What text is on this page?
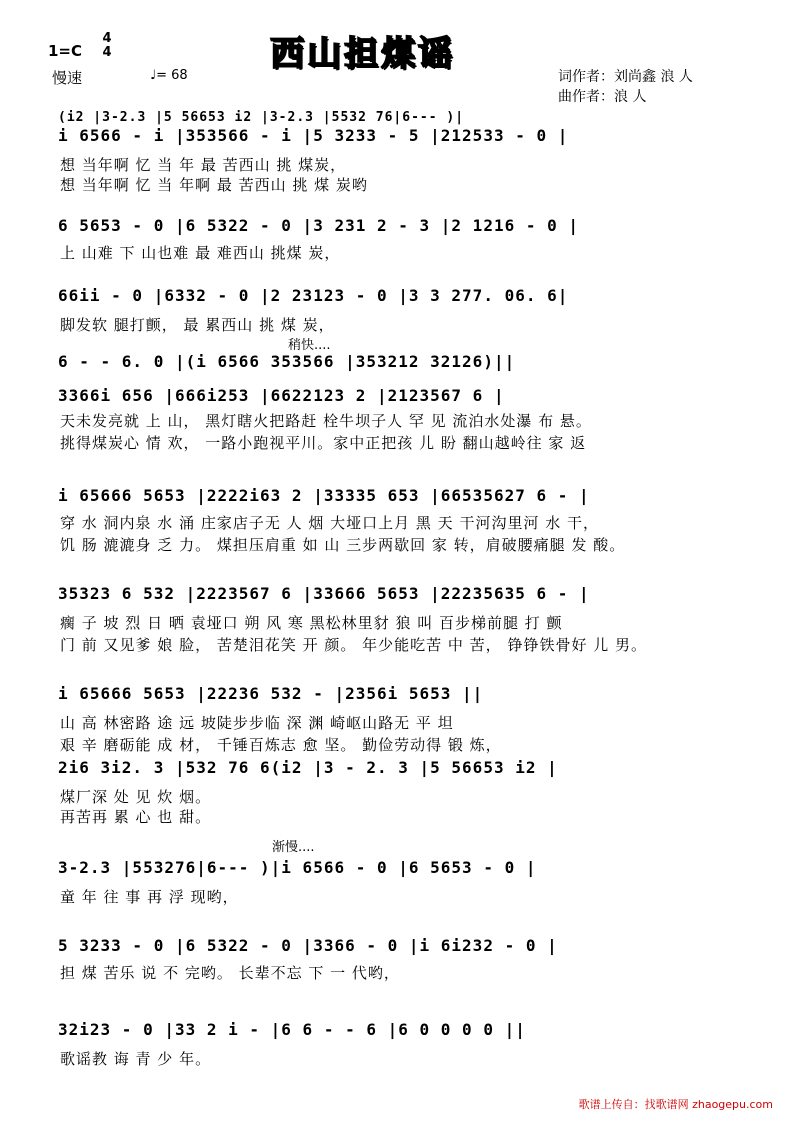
西山担煤谣
1=C
4
4
慢速	♩= 68	词作者：刘尚鑫 浪 人
曲作者：浪 人
(i2 |3-2.3 |5 56653 i2 |3-2.3 |5532 76|6--- )|
i 6566 - i |353566 - i |5 3233 - 5 |212533 - 0 |
想 当年啊 忆 当 年 最 苦西山 挑 煤炭，
想 当年啊 忆 当 年啊 最 苦西山 挑 煤 炭哟
6 5653 - 0 |6 5322 - 0 |3 231 2 - 3 |2 1216 - 0 |
上 山难 下 山也难 最 难西山 挑煤 炭，
66ii - 0 |6332 - 0 |2 23123 - 0 |3 3 277. 06. 6|
脚发软 腿打颤， 最 累西山 挑 煤 炭，
稍快....
6 - - 6. 0 |(i 6566 353566 |353212 32126)||
3366i 656 |666i253 |6622123 2 |2123567 6 |
天未发亮就 上 山， 黑灯瞎火把路赶 栓牛坝子人 罕 见 流泊水处瀑 布 悬。
挑得煤炭心 情 欢， 一路小跑视平川。家中正把孩 儿 盼 翻山越岭往 家 返
i 65666 5653 |2222i63 2 |33335 653 |66535627 6 - |
穿 水 洞内泉 水 涌 庄家店子无 人 烟 大垭口上月 黑 天 干河沟里河 水 干，
饥 肠 漉漉身 乏 力。 煤担压肩重 如 山 三步两歇回 家 转，肩破腰痛腿 发 酸。
35323 6 532 |2223567 6 |33666 5653 |22235635 6 - |
瘸 子 坡 烈 日 晒 袁垭口 朔 风 寒 黑松林里豺 狼 叫 百步梯前腿 打 颤
门 前 又见爹 娘 脸， 苦楚泪花笑 开 颜。 年少能吃苦 中 苦， 铮铮铁骨好 儿 男。
i 65666 5653 |22236 532 - |2356i 5653 ||
山 高 林密路 途 远 坡陡步步临 深 渊 崎岖山路无 平 坦
艰 辛 磨砺能 成 材， 千锤百炼志 愈 坚。 勤俭劳动得 锻 炼，
2i6 3i2. 3 |532 76 6(i2 |3 - 2. 3 |5 56653 i2 |
煤厂深 处 见 炊 烟。
再苦再 累 心 也 甜。
渐慢....
3-2.3 |553276|6--- )|i 6566 - 0 |6 5653 - 0 |
童 年 往 事 再 浮 现哟，
5 3233 - 0 |6 5322 - 0 |3366 - 0 |i 6i232 - 0 |
担 煤 苦乐 说 不 完哟。 长辈不忘 下 一 代哟，
32i23 - 0 |33 2 i - |6 6 - - 6 |6 0 0 0 0 ||
歌谣教 诲 青 少 年。
歌谱上传自：找歌谱网 zhaogepu.com
